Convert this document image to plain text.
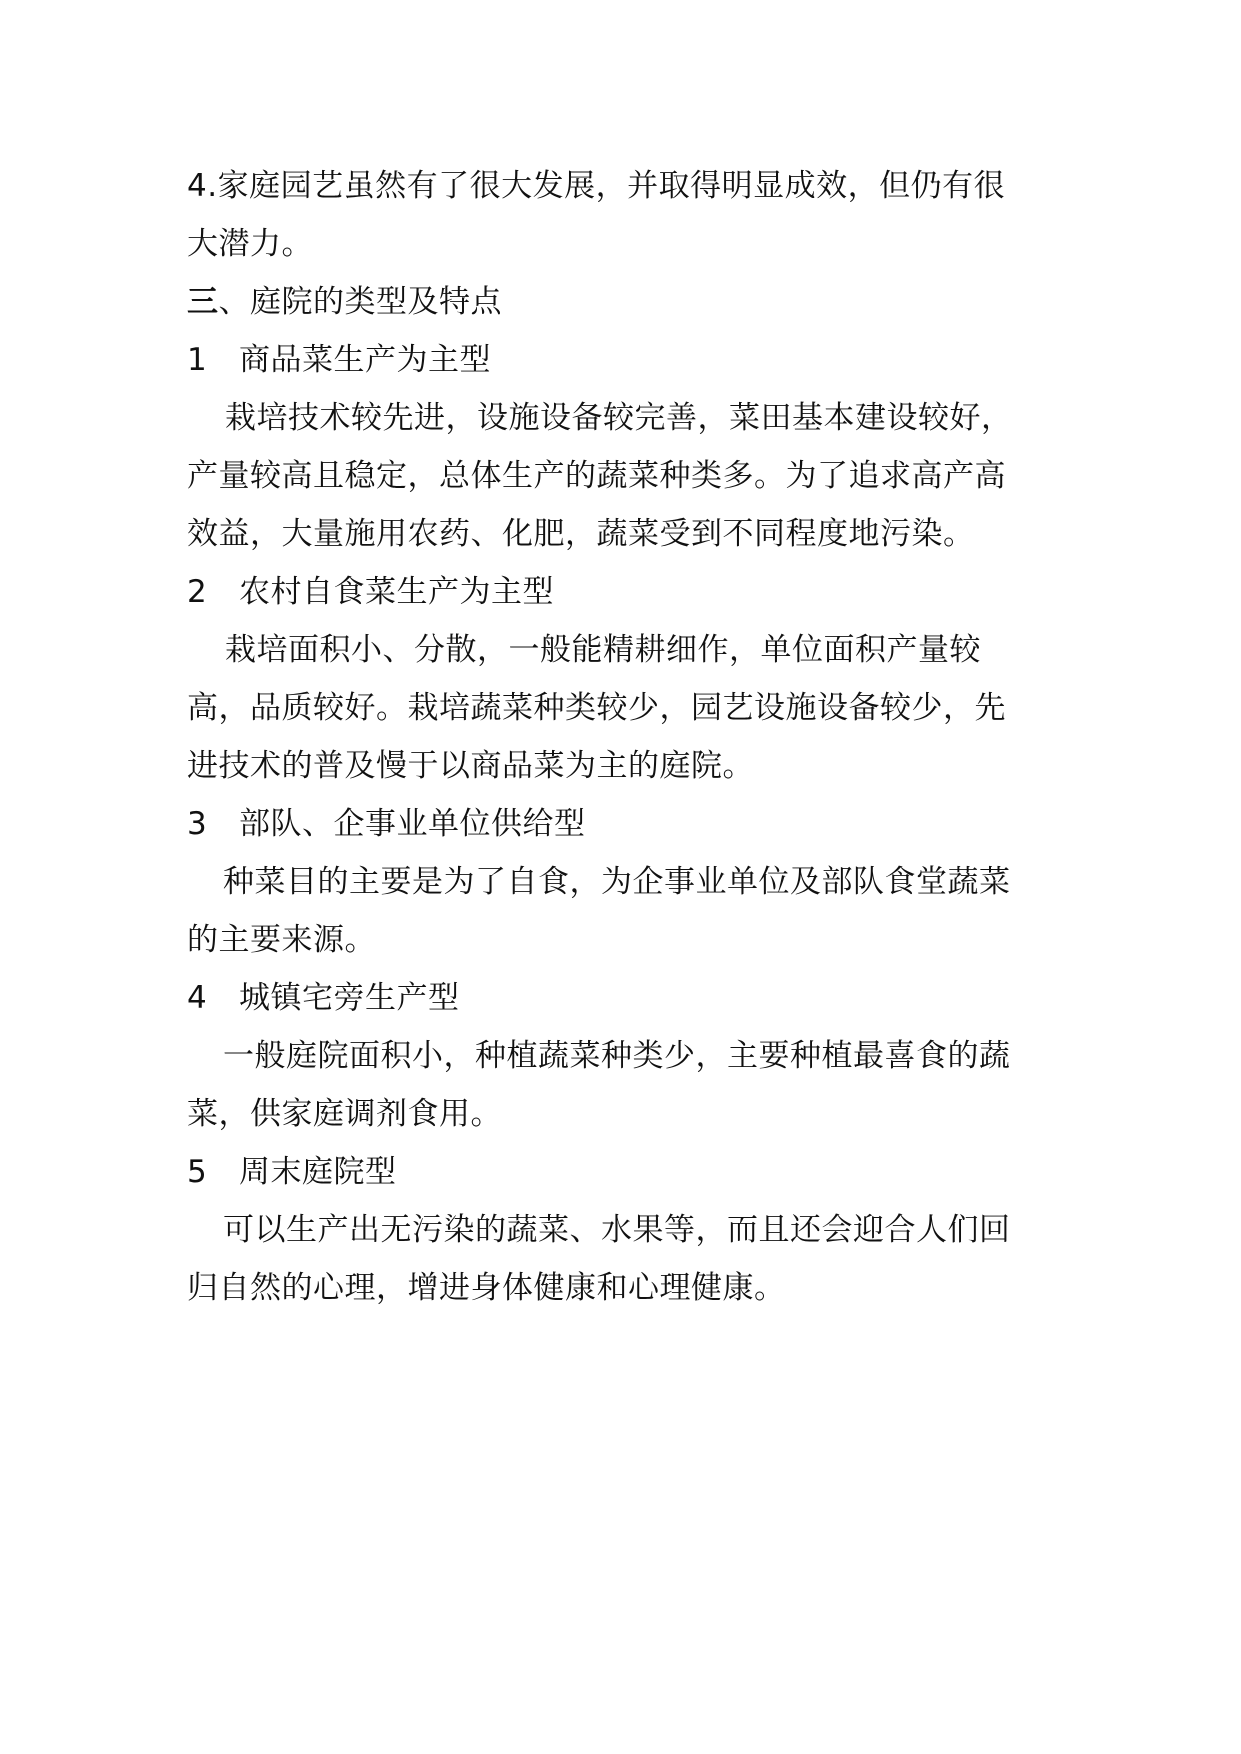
4.家庭园艺虽然有了很大发展，并取得明显成效，但仍有很
大潜力。
三、庭院的类型及特点
1 商品菜生产为主型
栽培技术较先进，设施设备较完善，菜田基本建设较好，
产量较高且稳定，总体生产的蔬菜种类多。为了追求高产高
效益，大量施用农药、化肥，蔬菜受到不同程度地污染。
2 农村自食菜生产为主型
栽培面积小、分散，一般能精耕细作，单位面积产量较
高，品质较好。栽培蔬菜种类较少，园艺设施设备较少，先
进技术的普及慢于以商品菜为主的庭院。
3 部队、企事业单位供给型
种菜目的主要是为了自食，为企事业单位及部队食堂蔬菜
的主要来源。
4 城镇宅旁生产型
一般庭院面积小，种植蔬菜种类少，主要种植最喜食的蔬
菜，供家庭调剂食用。
5 周末庭院型
可以生产出无污染的蔬菜、水果等，而且还会迎合人们回
归自然的心理，增进身体健康和心理健康。
